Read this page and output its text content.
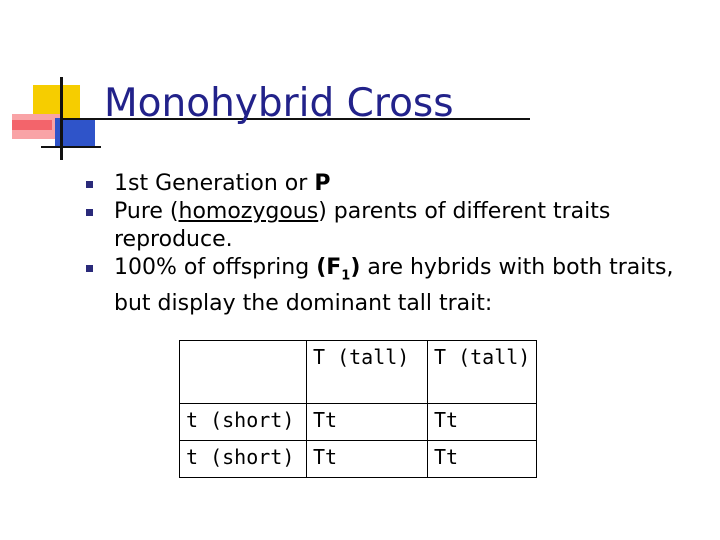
Monohybrid Cross
1st Generation or P
Pure (homozygous) parents of different traits reproduce.
100% of offspring $(F_1)$ are hybrids with both traits, but display the dominant tall trait:
	T (tall)	T (tall)
t (short)	Tt	Tt
t (short)	Tt	Tt
